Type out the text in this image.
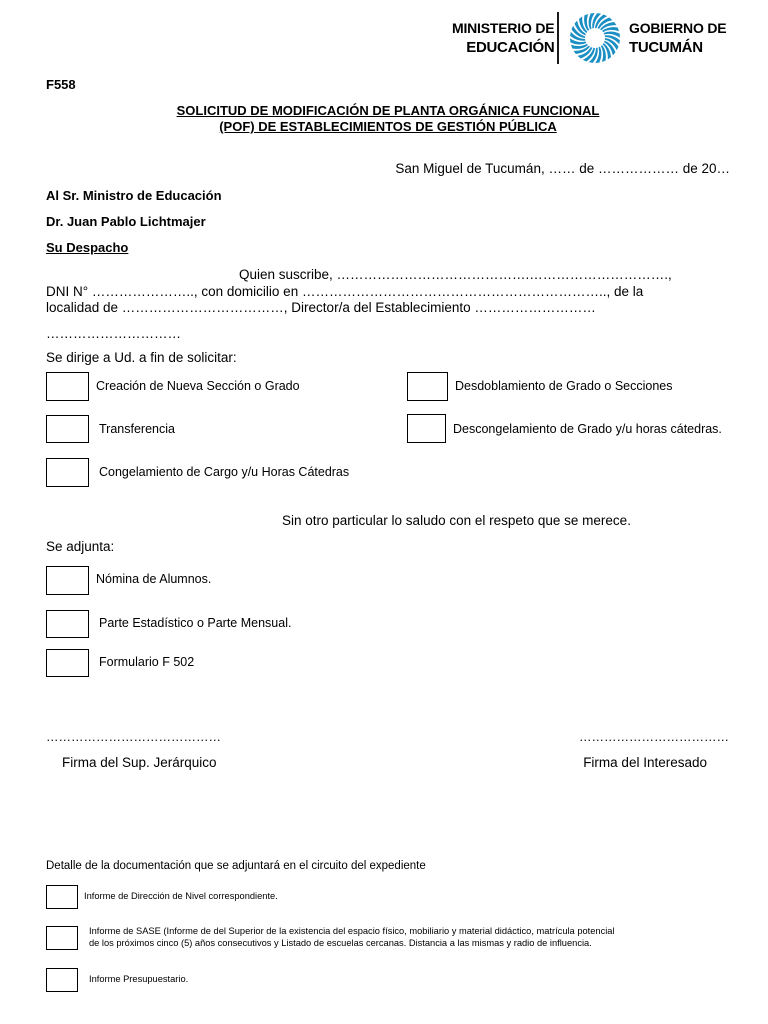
MINISTERIO DE
EDUCACIÓN
GOBIERNO DE
TUCUMÁN
F558
SOLICITUD DE MODIFICACIÓN DE PLANTA ORGÁNICA FUNCIONAL
(POF) DE ESTABLECIMIENTOS DE GESTIÓN PÚBLICA
San Miguel de Tucumán, …… de ……………… de 20…
Al Sr. Ministro de Educación
Dr. Juan Pablo Lichtmajer
Su Despacho
Quien suscribe, …………………………………….………………………….,
DNI N° ………………….., con domicilio en ………………………………………………………….., de la
localidad de ………………………………, Director/a del Establecimiento ………………………
…………………………
Se dirige a Ud. a fin de solicitar:
Creación de Nueva Sección o Grado	Desdoblamiento de Grado o Secciones
Transferencia	Descongelamiento de Grado y/u horas cátedras.
Congelamiento de Cargo y/u Horas Cátedras
Sin otro particular lo saludo con el respeto que se merece.
Se adjunta:
Nómina de Alumnos.
Parte Estadístico o Parte Mensual.
Formulario F 502
……………………………………
Firma del Sup. Jerárquico
………………………………
Firma del Interesado
Detalle de la documentación que se adjuntará en el circuito del expediente
Informe de Dirección de Nivel correspondiente.
Informe de SASE (Informe de del Superior de la existencia del espacio físico, mobiliario y material didáctico, matrícula potencial
de los próximos cinco (5) años consecutivos y Listado de escuelas cercanas. Distancia a las mismas y radio de influencia.
Informe Presupuestario.
